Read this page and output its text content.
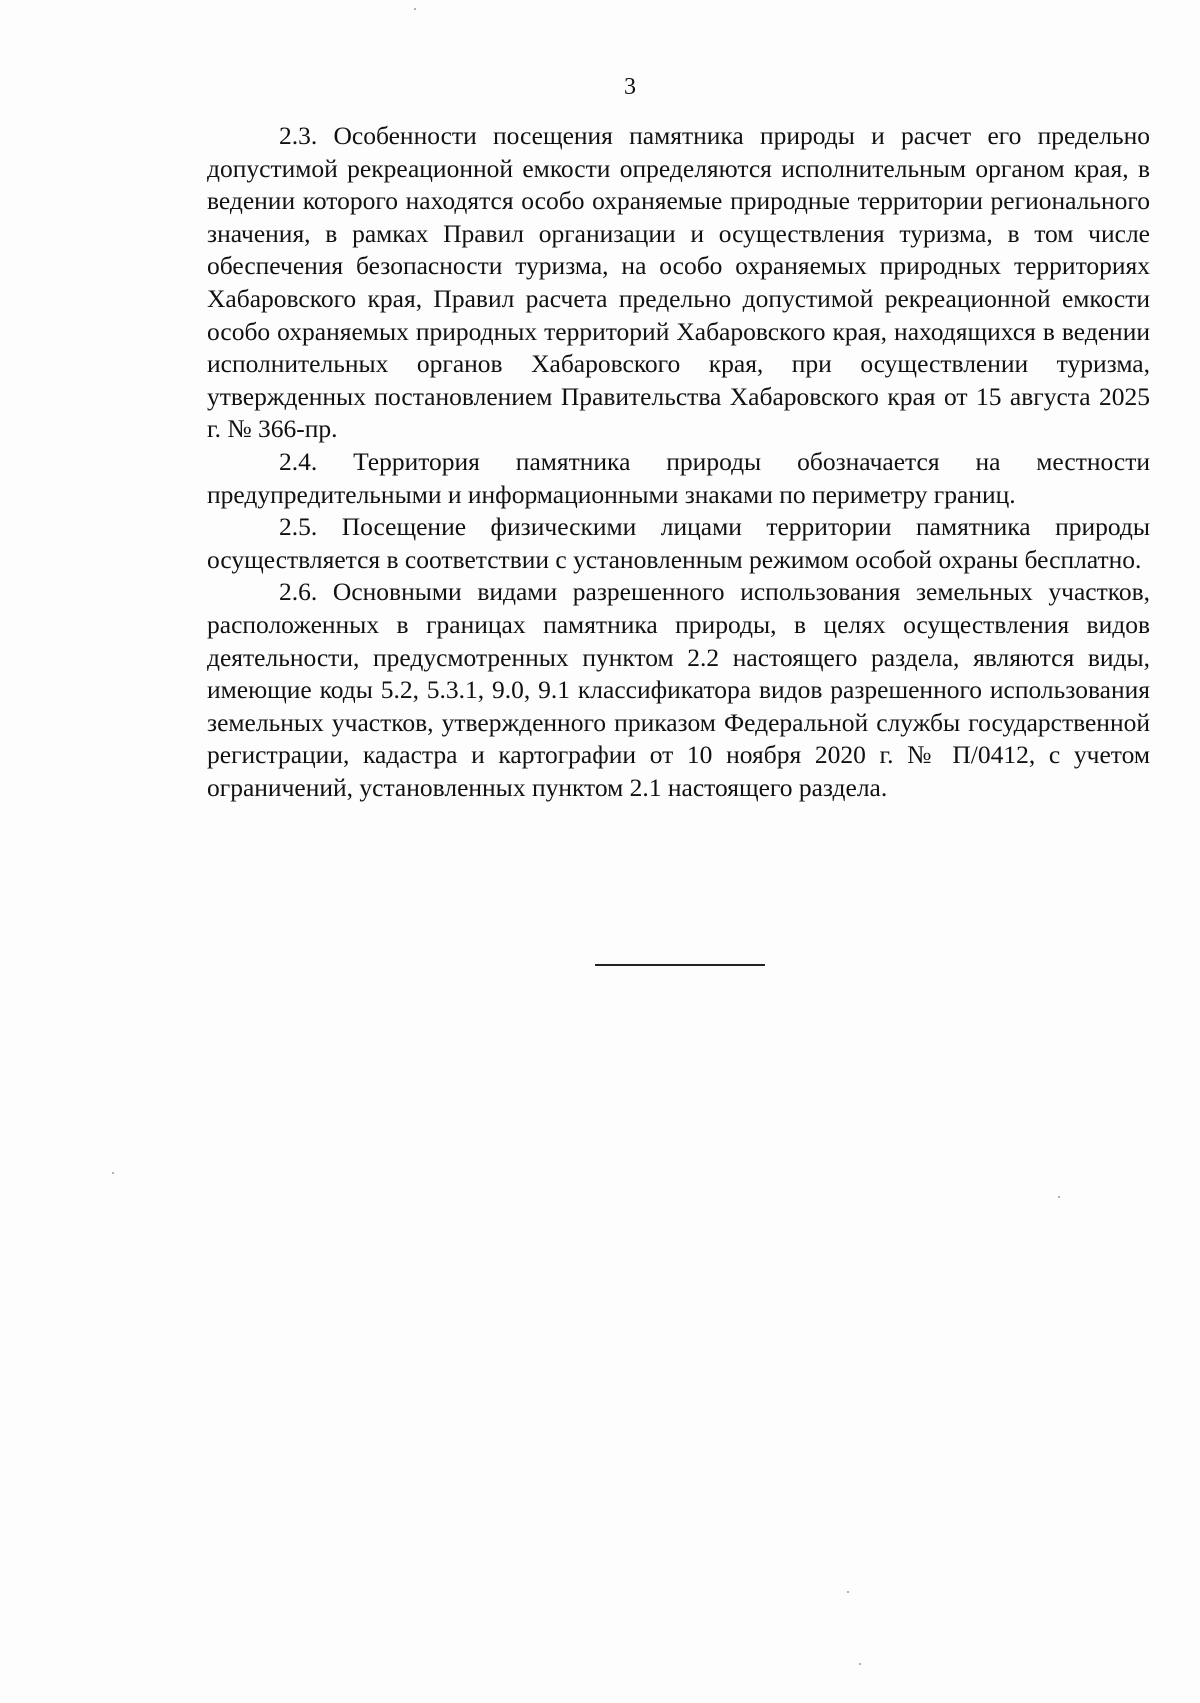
3

2.3. Особенности посещения памятника природы и расчет его предельно допустимой рекреационной емкости определяются исполнительным органом края, в ведении которого находятся особо охраняемые природные территории регионального значения, в рамках Правил организации и осуществления туризма, в том числе обеспечения безопасности туризма, на особо охраняемых природных территориях Хабаровского края, Правил расчета предельно допустимой рекреационной емкости особо охраняемых природных территорий Хабаровского края, находящихся в ведении исполнительных органов Хабаровского края, при осуществлении туризма, утвержденных постановлением Правительства Хабаровского края от 15 августа 2025 г. № 366-пр.

2.4. Территория памятника природы обозначается на местности предупредительными и информационными знаками по периметру границ.

2.5. Посещение физическими лицами территории памятника природы осуществляется в соответствии с установленным режимом особой охраны бесплатно.

2.6. Основными видами разрешенного использования земельных участков, расположенных в границах памятника природы, в целях осуществления видов деятельности, предусмотренных пунктом 2.2 настоящего раздела, являются виды, имеющие коды 5.2, 5.3.1, 9.0, 9.1 классификатора видов разрешенного использования земельных участков, утвержденного приказом Федеральной службы государственной регистрации, кадастра и картографии от 10 ноября 2020 г. № П/0412, с учетом ограничений, установленных пунктом 2.1 настоящего раздела.
